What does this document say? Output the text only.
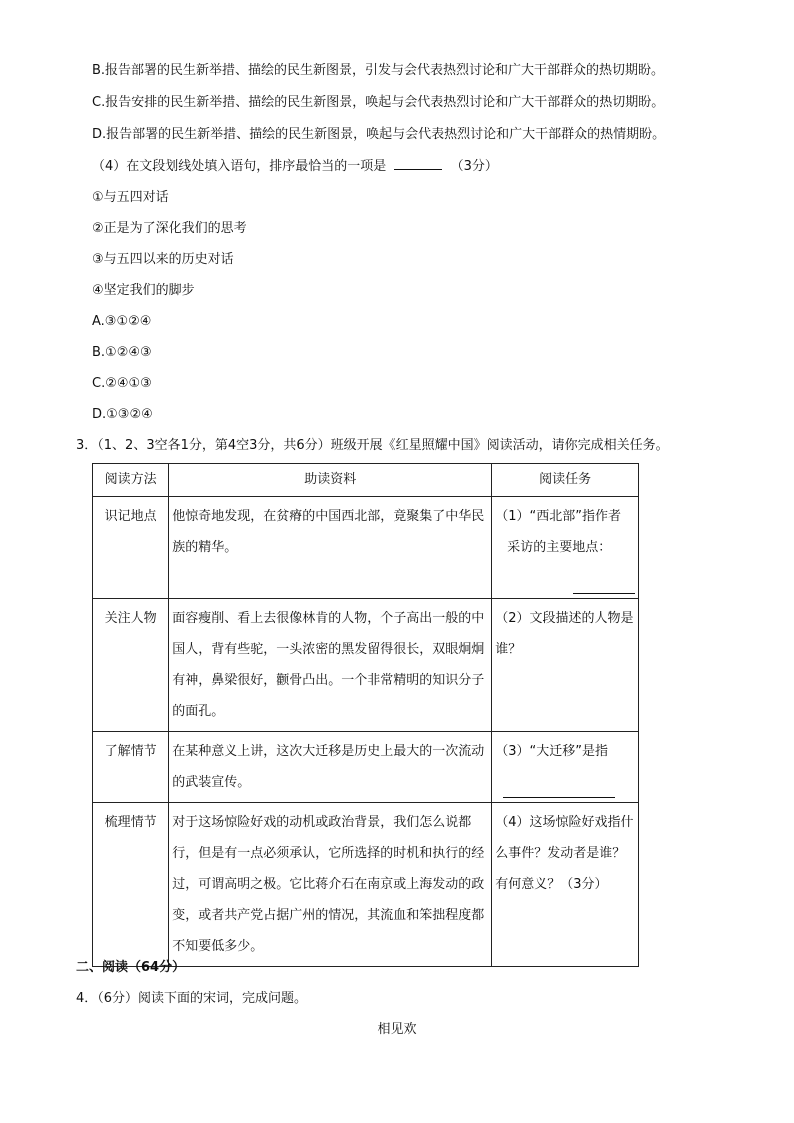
B.报告部署的民生新举措、描绘的民生新图景，引发与会代表热烈讨论和广大干部群众的热切期盼。
C.报告安排的民生新举措、描绘的民生新图景，唤起与会代表热烈讨论和广大干部群众的热切期盼。
D.报告部署的民生新举措、描绘的民生新图景，唤起与会代表热烈讨论和广大干部群众的热情期盼。
（4）在文段划线处填入语句，排序最恰当的一项是	（3分）
①与五四对话
②正是为了深化我们的思考
③与五四以来的历史对话
④坚定我们的脚步
A.③①②④
B.①②④③
C.②④①③
D.①③②④
3．（1、2、3空各1分，第4空3分，共6分）班级开展《红星照耀中国》阅读活动，请你完成相关任务。
阅读方法	助读资料	阅读任务
识记地点	他惊奇地发现，在贫瘠的中国西北部，竟聚集了中华民族的精华。	（1）“西北部”指作者
采访的主要地点：

关注人物	面容瘦削、看上去很像林肯的人物，个子高出一般的中国人，背有些驼，一头浓密的黑发留得很长，双眼炯炯有神，鼻梁很好，颧骨凸出。一个非常精明的知识分子的面孔。	（2）文段描述的人物是谁？

了解情节	在某种意义上讲，这次大迁移是历史上最大的一次流动的武装宣传。	（3）“大迁移”是指

梳理情节	对于这场惊险好戏的动机或政治背景，我们怎么说都行，但是有一点必须承认，它所选择的时机和执行的经过，可谓高明之极。它比蒋介石在南京或上海发动的政变，或者共产党占据广州的情况，其流血和笨拙程度都不知要低多少。	（4）这场惊险好戏指什么事件？发动者是谁？有何意义？（3分）
二、阅读（64分）
4．（6分）阅读下面的宋词，完成问题。
相见欢
